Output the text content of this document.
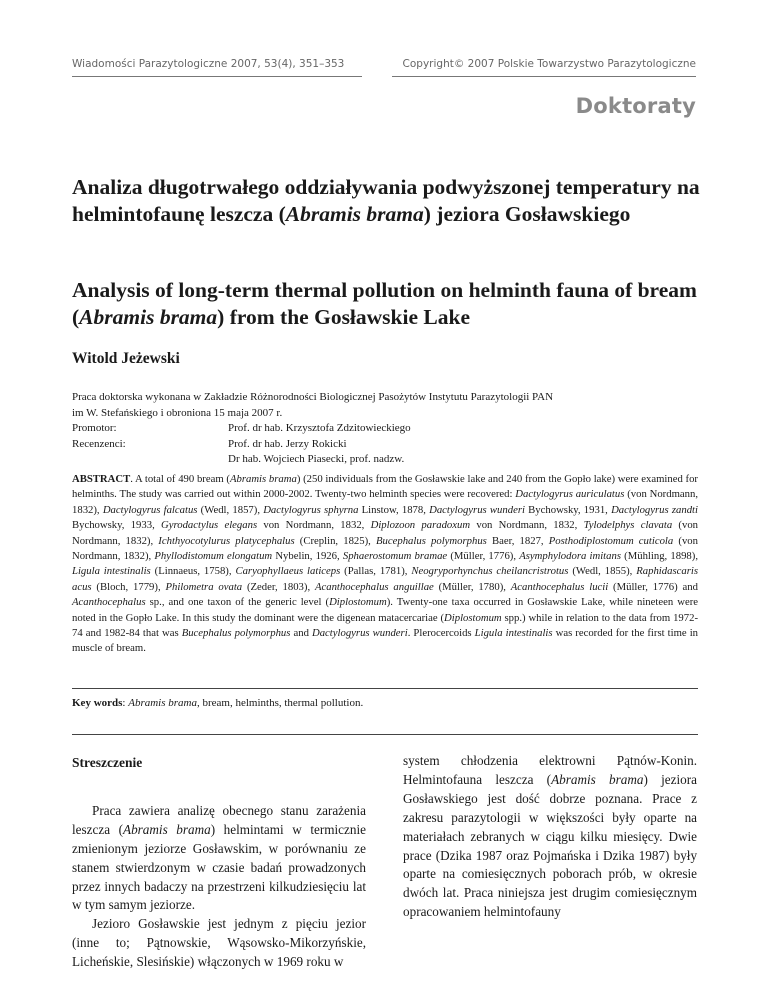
Wiadomości Parazytologiczne 2007, 53(4), 351–353	Copyright© 2007 Polskie Towarzystwo Parazytologiczne
Doktoraty
Analiza długotrwałego oddziaływania podwyższonej temperatury na helmintofaunę leszcza (Abramis brama) jeziora Gosławskiego
Analysis of long-term thermal pollution on helminth fauna of bream (Abramis brama) from the Gosławskie Lake
Witold Jeżewski
Praca doktorska wykonana w Zakładzie Różnorodności Biologicznej Pasożytów Instytutu Parazytologii PAN
im W. Stefańskiego i obroniona 15 maja 2007 r.
Promotor:	Prof. dr hab. Krzysztofa Zdzitowieckiego
Recenzenci:	Prof. dr hab. Jerzy Rokicki
Dr hab. Wojciech Piasecki, prof. nadzw.

ABSTRACT. A total of 490 bream (Abramis brama) (250 individuals from the Gosławskie lake and 240 from the Gopło lake) were examined for helminths. The study was carried out within 2000-2002. Twenty-two helminth species were recovered: Dactylogyrus auriculatus (von Nordmann, 1832), Dactylogyrus falcatus (Wedl, 1857), Dactylogyrus sphyrna Linstow, 1878, Dactylogyrus wunderi Bychowsky, 1931, Dactylogyrus zandti Bychowsky, 1933, Gyrodactylus elegans von Nordmann, 1832, Diplozoon paradoxum von Nordmann, 1832, Tylodelphys clavata (von Nordmann, 1832), Ichthyocotylurus platycephalus (Creplin, 1825), Bucephalus polymorphus Baer, 1827, Posthodiplostomum cuticola (von Nordmann, 1832), Phyllodistomum elongatum Nybelin, 1926, Sphaerostomum bramae (Müller, 1776), Asymphylodora imitans (Mühling, 1898), Ligula intestinalis (Linnaeus, 1758), Caryophyllaeus laticeps (Pallas, 1781), Neogryporhynchus cheilancristrotus (Wedl, 1855), Raphidascaris acus (Bloch, 1779), Philometra ovata (Zeder, 1803), Acanthocephalus anguillae (Müller, 1780), Acanthocephalus lucii (Müller, 1776) and Acanthocephalus sp., and one taxon of the generic level (Diplostomum). Twenty-one taxa occurred in Gosławskie Lake, while nineteen were noted in the Gopło Lake. In this study the dominant were the digenean matacercariae (Diplostomum spp.) while in relation to the data from 1972-74 and 1982-84 that was Bucephalus polymorphus and Dactylogyrus wunderi. Plerocercoids Ligula intestinalis was recorded for the first time in muscle of bream.

Key words: Abramis brama, bream, helminths, thermal pollution.
Streszczenie

Praca zawiera analizę obecnego stanu zarażenia leszcza (Abramis brama) helmintami w termicznie zmienionym jeziorze Gosławskim, w porównaniu ze stanem stwierdzonym w czasie badań prowadzonych przez innych badaczy na przestrzeni kilkudziesięciu lat w tym samym jeziorze.

Jezioro Gosławskie jest jednym z pięciu jezior (inne to; Pątnowskie, Wąsowsko-Mikorzyńskie, Licheńskie, Slesińskie) włączonych w 1969 roku w

system chłodzenia elektrowni Pątnów-Konin. Helmintofauna leszcza (Abramis brama) jeziora Gosławskiego jest dość dobrze poznana. Prace z zakresu parazytologii w większości były oparte na materiałach zebranych w ciągu kilku miesięcy. Dwie prace (Dzika 1987 oraz Pojmańska i Dzika 1987) były oparte na comiesięcznych poborach prób, w okresie dwóch lat. Praca niniejsza jest drugim comiesięcznym opracowaniem helmintofauny
